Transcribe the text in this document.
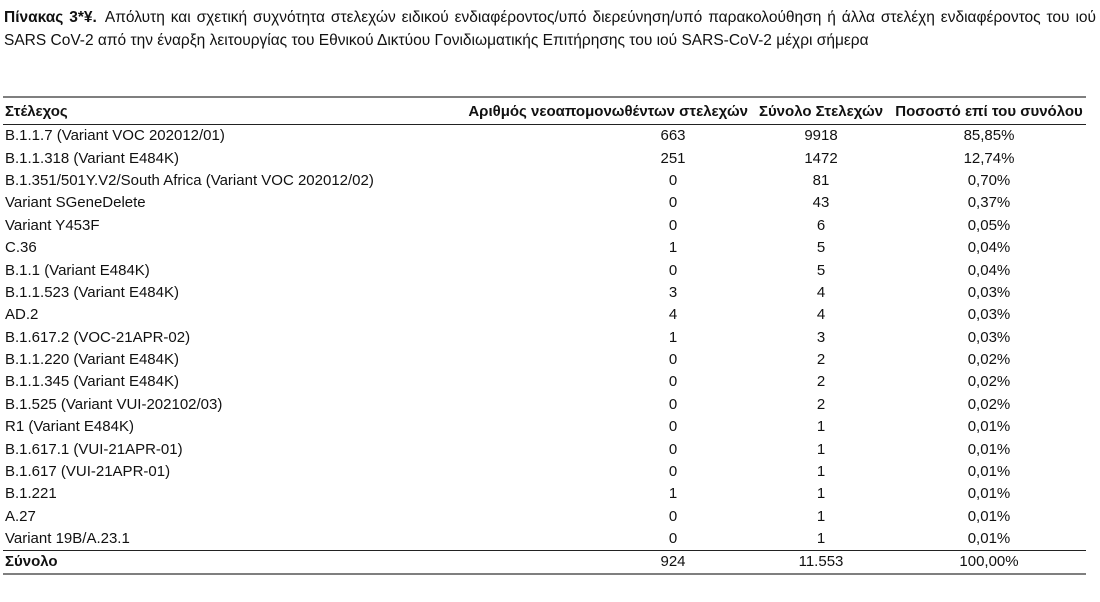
Πίνακας 3*¥. Απόλυτη και σχετική συχνότητα στελεχών ειδικού ενδιαφέροντος/υπό διερεύνηση/υπό παρακολούθηση ή άλλα στελέχη ενδιαφέροντος του ιού SARS CoV-2 από την έναρξη λειτουργίας του Εθνικού Δικτύου Γονιδιωματικής Επιτήρησης του ιού SARS-CoV-2 μέχρι σήμερα
Στέλεχος	Αριθμός νεοαπομονωθέντων στελεχών	Σύνολο Στελεχών	Ποσοστό επί του συνόλου
B.1.1.7 (Variant VOC 202012/01)	663	9918	85,85%
B.1.1.318 (Variant E484K)	251	1472	12,74%
B.1.351/501Y.V2/South Africa (Variant VOC 202012/02)	0	81	0,70%
Variant SGeneDelete	0	43	0,37%
Variant Y453F	0	6	0,05%
C.36	1	5	0,04%
B.1.1 (Variant E484K)	0	5	0,04%
B.1.1.523 (Variant E484K)	3	4	0,03%
AD.2	4	4	0,03%
B.1.617.2 (VOC-21APR-02)	1	3	0,03%
B.1.1.220 (Variant E484K)	0	2	0,02%
B.1.1.345 (Variant E484K)	0	2	0,02%
B.1.525 (Variant VUI-202102/03)	0	2	0,02%
R1 (Variant E484K)	0	1	0,01%
B.1.617.1 (VUI-21APR-01)	0	1	0,01%
B.1.617 (VUI-21APR-01)	0	1	0,01%
B.1.221	1	1	0,01%
A.27	0	1	0,01%
Variant 19B/A.23.1	0	1	0,01%
Σύνολο	924	11.553	100,00%
